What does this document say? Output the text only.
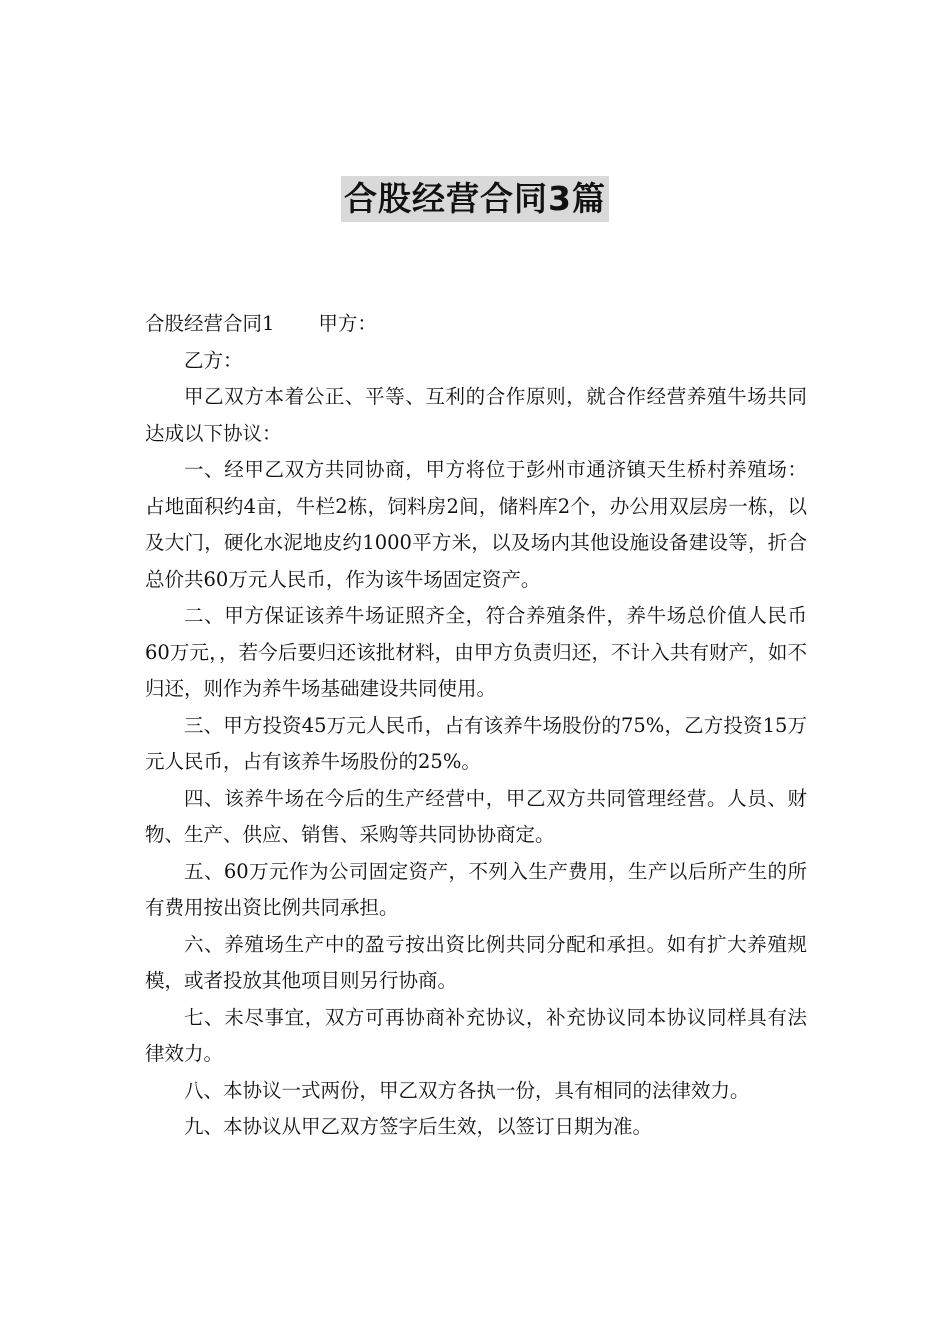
合股经营合同3篇

合股经营合同1 甲方：

乙方：

甲乙双方本着公正、平等、互利的合作原则，就合作经营养殖牛场共同达成以下协议：

一、经甲乙双方共同协商，甲方将位于彭州市通济镇天生桥村养殖场：占地面积约4亩，牛栏2栋，饲料房2间，储料库2个，办公用双层房一栋，以及大门，硬化水泥地皮约1000平方米，以及场内其他设施设备建设等，折合总价共60万元人民币，作为该牛场固定资产。

二、甲方保证该养牛场证照齐全，符合养殖条件，养牛场总价值人民币60万元，，若今后要归还该批材料，由甲方负责归还，不计入共有财产，如不归还，则作为养牛场基础建设共同使用。

三、甲方投资45万元人民币，占有该养牛场股份的75%，乙方投资15万元人民币，占有该养牛场股份的25%。

四、该养牛场在今后的生产经营中，甲乙双方共同管理经营。人员、财物、生产、供应、销售、采购等共同协协商定。

五、60万元作为公司固定资产，不列入生产费用，生产以后所产生的所有费用按出资比例共同承担。

六、养殖场生产中的盈亏按出资比例共同分配和承担。如有扩大养殖规模，或者投放其他项目则另行协商。

七、未尽事宜，双方可再协商补充协议，补充协议同本协议同样具有法律效力。

八、本协议一式两份，甲乙双方各执一份，具有相同的法律效力。

九、本协议从甲乙双方签字后生效，以签订日期为准。
